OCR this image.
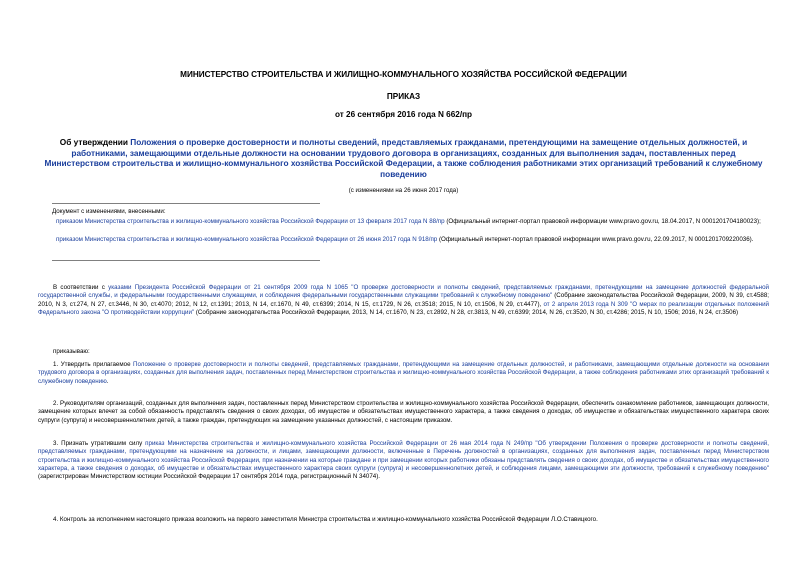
МИНИСТЕРСТВО СТРОИТЕЛЬСТВА И ЖИЛИЩНО-КОММУНАЛЬНОГО ХОЗЯЙСТВА РОССИЙСКОЙ ФЕДЕРАЦИИ
ПРИКАЗ
от 26 сентября 2016 года N 662/пр
Об утверждении Положения о проверке достоверности и полноты сведений, представляемых гражданами, претендующими на замещение отдельных должностей, и работниками, замещающими отдельные должности на основании трудового договора в организациях, созданных для выполнения задач, поставленных перед Министерством строительства и жилищно-коммунального хозяйства Российской Федерации, а также соблюдения работниками этих организаций требований к служебному поведению
(с изменениями на 26 июня 2017 года)
Документ с изменениями, внесенными:
приказом Министерства строительства и жилищно-коммунального хозяйства Российской Федерации от 13 февраля 2017 года N 88/пр (Официальный интернет-портал правовой информации www.pravo.gov.ru, 18.04.2017, N 0001201704180023);
приказом Министерства строительства и жилищно-коммунального хозяйства Российской Федерации от 26 июня 2017 года N 918/пр (Официальный интернет-портал правовой информации www.pravo.gov.ru, 22.09.2017, N 0001201709220036).
В соответствии с указами Президента Российской Федерации от 21 сентября 2009 года N 1065 "О проверке достоверности и полноты сведений, представляемых гражданами, претендующими на замещение должностей федеральной государственной службы, и федеральными государственными служащими, и соблюдения федеральными государственными служащими требований к служебному поведению" (Собрание законодательства Российской Федерации, 2009, N 39, ст.4588; 2010, N 3, ст.274, N 27, ст.3446, N 30, ст.4070; 2012, N 12, ст.1391; 2013, N 14, ст.1670, N 49, ст.6399; 2014, N 15, ст.1729, N 26, ст.3518; 2015, N 10, ст.1506, N 29, ст.4477), от 2 апреля 2013 года N 309 "О мерах по реализации отдельных положений Федерального закона "О противодействии коррупции" (Собрание законодательства Российской Федерации, 2013, N 14, ст.1670, N 23, ст.2892, N 28, ст.3813, N 49, ст.6399; 2014, N 26, ст.3520, N 30, ст.4286; 2015, N 10, 1506; 2016, N 24, ст.3506)
приказываю:
1. Утвердить прилагаемое Положение о проверке достоверности и полноты сведений, представляемых гражданами, претендующими на замещение отдельных должностей, и работниками, замещающими отдельные должности на основании трудового договора в организациях, созданных для выполнения задач, поставленных перед Министерством строительства и жилищно-коммунального хозяйства Российской Федерации, а также соблюдения работниками этих организаций требований к служебному поведению.
2. Руководителям организаций, созданных для выполнения задач, поставленных перед Министерством строительства и жилищно-коммунального хозяйства Российской Федерации, обеспечить ознакомление работников, замещающих должности, замещение которых влечет за собой обязанность представлять сведения о своих доходах, об имуществе и обязательствах имущественного характера, а также сведения о доходах, об имуществе и обязательствах имущественного характера своих супруги (супруга) и несовершеннолетних детей, а также граждан, претендующих на замещение указанных должностей, с настоящим приказом.
3. Признать утратившим силу приказ Министерства строительства и жилищно-коммунального хозяйства Российской Федерации от 26 мая 2014 года N 249/пр "Об утверждении Положения о проверке достоверности и полноты сведений, представляемых гражданами, претендующими на назначение на должности, и лицами, замещающими должности, включенные в Перечень должностей в организациях, созданных для выполнения задач, поставленных перед Министерством строительства и жилищно-коммунального хозяйства Российской Федерации, при назначении на которые граждане и при замещении которых работники обязаны представлять сведения о своих доходах, об имуществе и обязательствах имущественного характера, а также сведения о доходах, об имуществе и обязательствах имущественного характера своих супруги (супруга) и несовершеннолетних детей, и соблюдения лицами, замещающими эти должности, требований к служебному поведению" (зарегистрирован Министерством юстиции Российской Федерации 17 сентября 2014 года, регистрационный N 34074).
4. Контроль за исполнением настоящего приказа возложить на первого заместителя Министра строительства и жилищно-коммунального хозяйства Российской Федерации Л.О.Ставицкого.
